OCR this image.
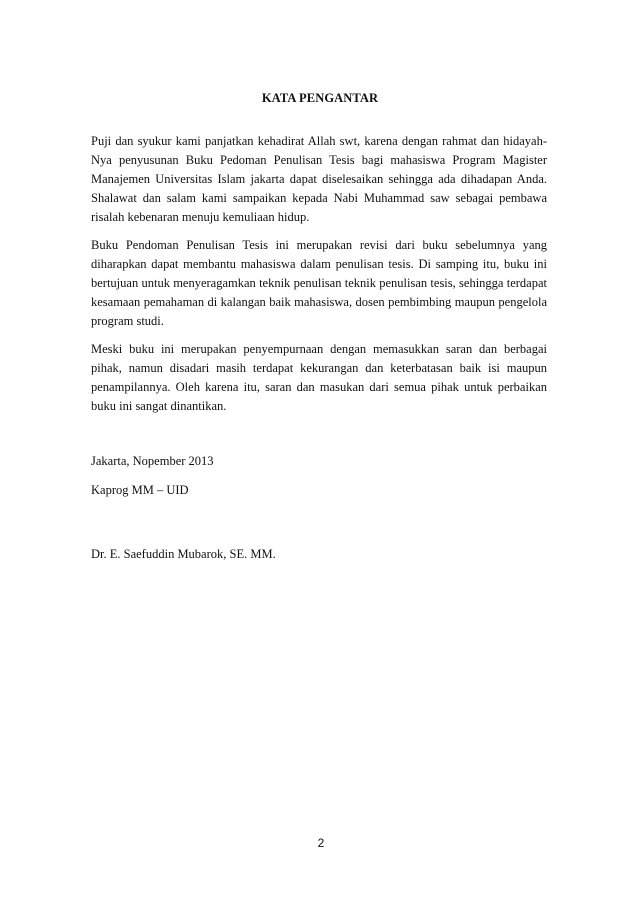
KATA PENGANTAR

Puji dan syukur kami panjatkan kehadirat Allah swt, karena dengan rahmat dan hidayah-Nya penyusunan Buku Pedoman Penulisan Tesis bagi mahasiswa Program Magister Manajemen Universitas Islam jakarta dapat diselesaikan sehingga ada dihadapan Anda. Shalawat dan salam kami sampaikan kepada Nabi Muhammad saw sebagai pembawa risalah kebenaran menuju kemuliaan hidup.

Buku Pendoman Penulisan Tesis ini merupakan revisi dari buku sebelumnya yang diharapkan dapat membantu mahasiswa dalam penulisan tesis. Di samping itu, buku ini bertujuan untuk menyeragamkan teknik penulisan teknik penulisan tesis, sehingga terdapat kesamaan pemahaman di kalangan baik mahasiswa, dosen pembimbing maupun pengelola program studi.

Meski buku ini merupakan penyempurnaan dengan memasukkan saran dan berbagai pihak, namun disadari masih terdapat kekurangan dan keterbatasan baik isi maupun penampilannya. Oleh karena itu, saran dan masukan dari semua pihak untuk perbaikan buku ini sangat dinantikan.

Jakarta, Nopember 2013

Kaprog MM – UID

Dr. E. Saefuddin Mubarok, SE. MM.

2
